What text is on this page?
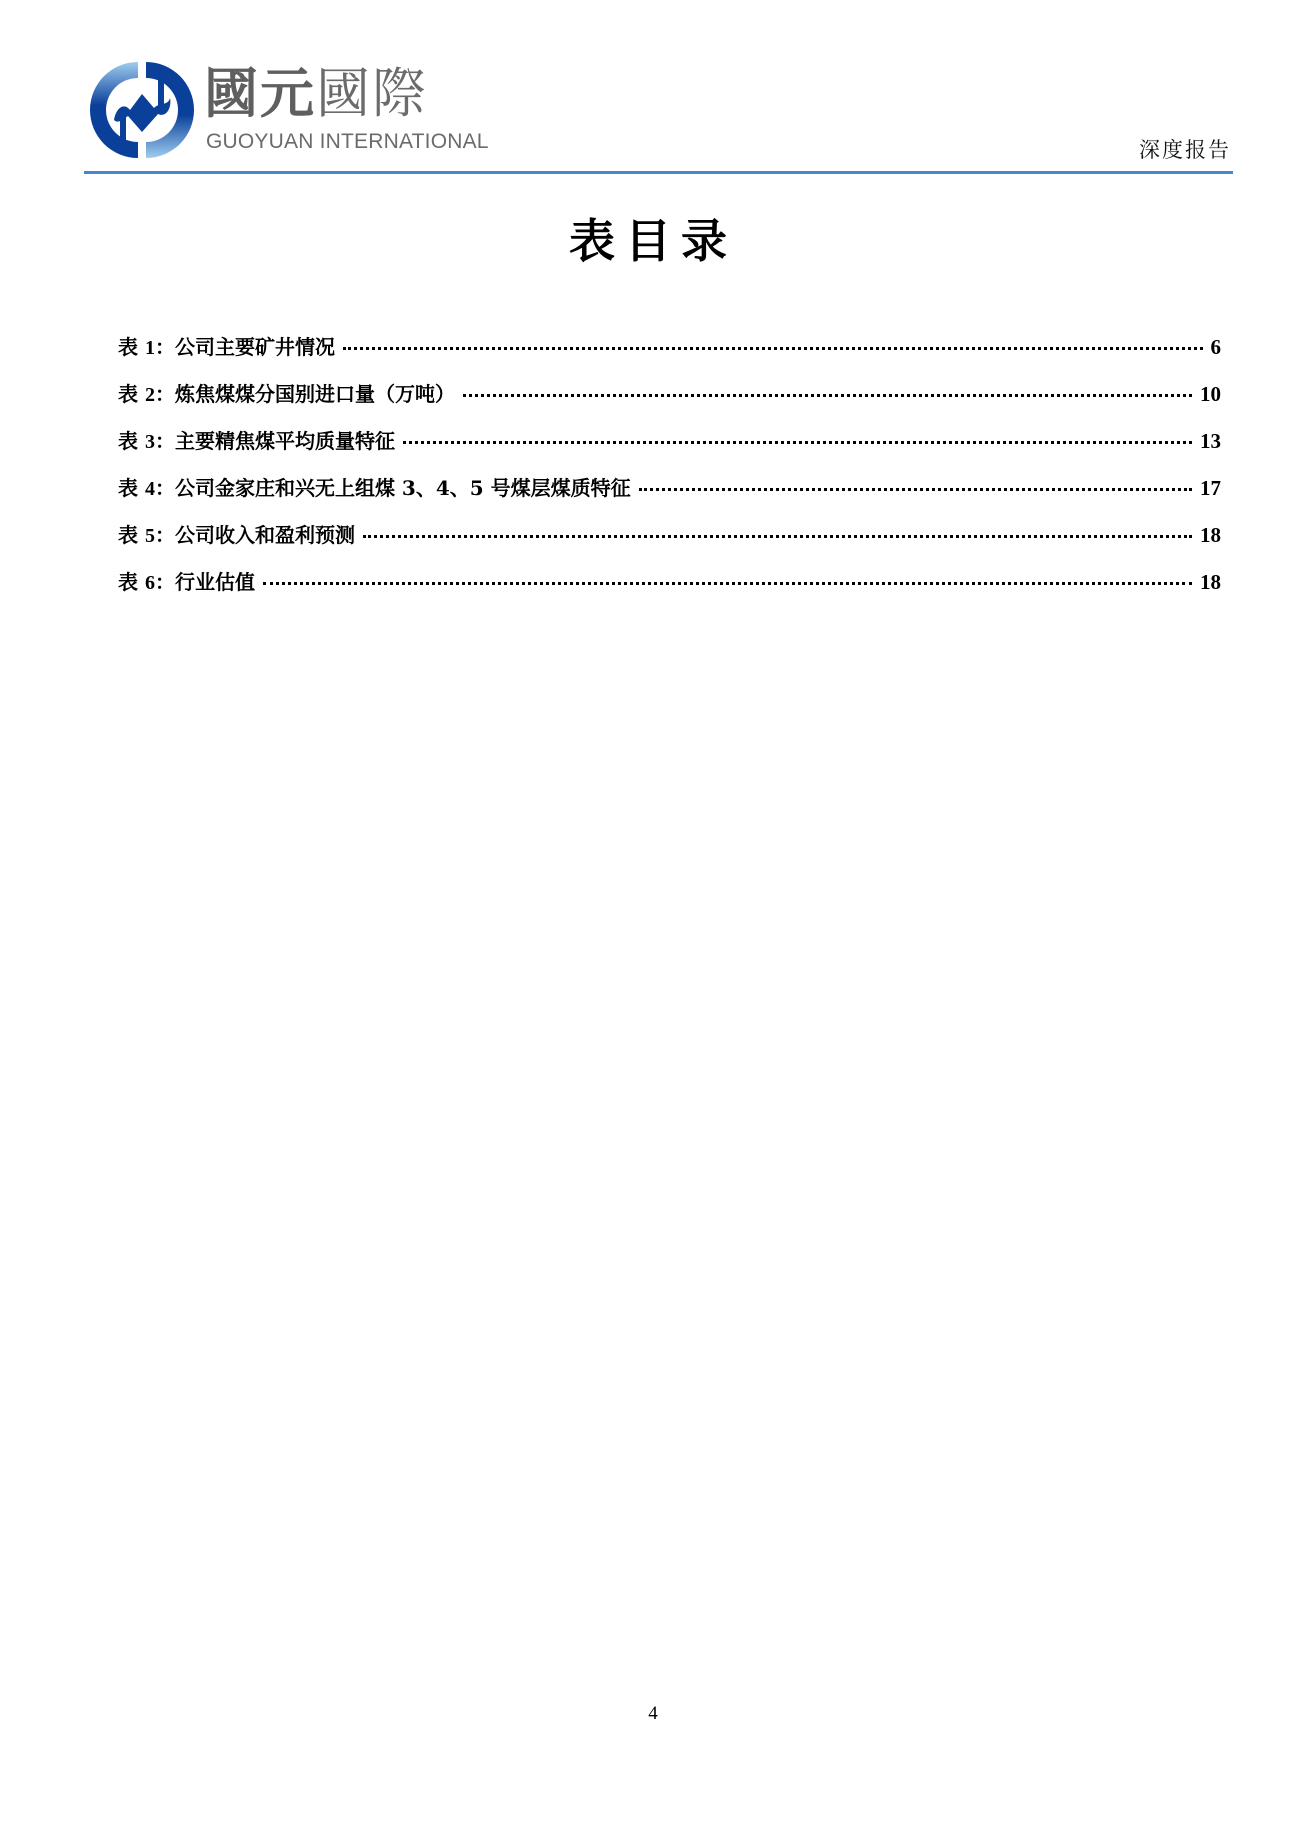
國元國際
GUOYUAN INTERNATIONAL	深度报告
表目录
表 1：公司主要矿井情况	6
表 2：炼焦煤煤分国别进口量（万吨）	10
表 3：主要精焦煤平均质量特征	13
表 4：公司金家庄和兴无上组煤 3、4、5 号煤层煤质特征	17
表 5：公司收入和盈利预测	18
表 6：行业估值	18
4
